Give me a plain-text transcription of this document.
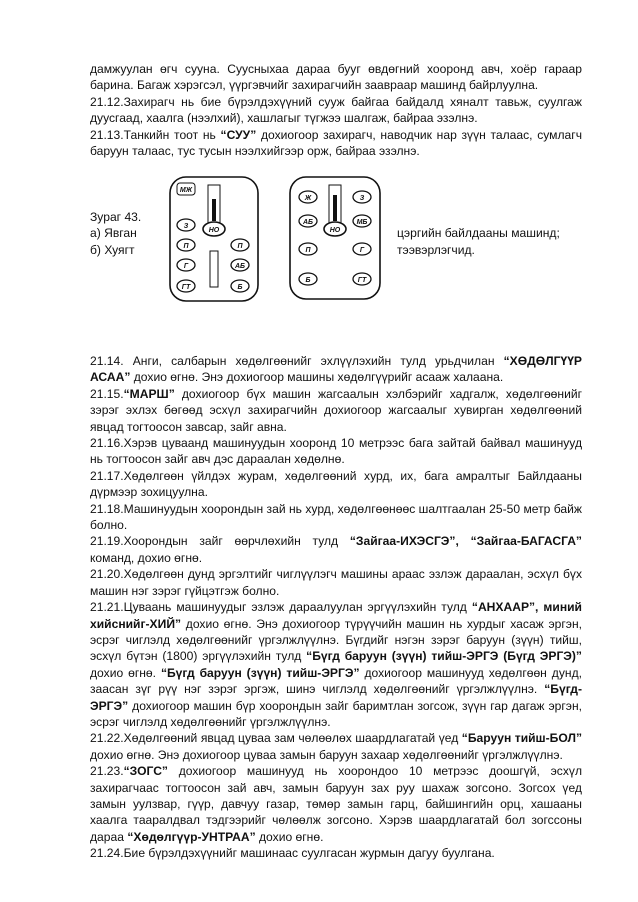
дамжуулан өгч сууна. Суусныхаа дараа бууг өвдөгний хооронд авч, хоёр гараар барина. Багаж хэрэгсэл, үүргэвчийг захирагчийн зааврааp машинд байрлуулна.

21.12.Захирагч нь бие бүрэлдэхүүний сууж байгаа байдалд хяналт тавьж, суулгаж дуусгаад, хаалга (нээлхий), хашлагыг түгжээ шалгаж, байраа эзэлнэ.

21.13.Танкийн тоот нь “СУУ” дохиогоор захирагч, наводчик нар зүүн талаас, сумлагч баруун талаас, тус тусын нээлхийгээр орж, байраа эзэлнэ.

Зураг 43.
а) Явган
б) Хуягт
цэргийн байлдааны машинд;
тээвэрлэгчид.
МЖ
НО
З
П	П
Г	АБ
ГТ	Б
Ж	З
НО
АБ	МБ
П	Г
Б	ГТ

21.14. Анги, салбарын хөдөлгөөнийг эхлүүлэхийн тулд урьдчилан “ХӨДӨЛГҮҮР АСАА” дохио өгнө. Энэ дохиогоор машины хөдөлгүүрийг асааж халаана.

21.15.“МАРШ” дохиогоор бүх машин жагсаалын хэлбэрийг хадгалж, хөдөлгөөнийг зэрэг эхлэх бөгөөд эсхүл захирагчийн дохиогоор жагсаалыг хувирган хөдөлгөөний явцад тогтоосон завсар, зайг авна.

21.16.Хэрэв цуваанд машинуудын хооронд 10 метрээс бага зайтай байвал машинууд нь тогтоосон зайг авч дэс дараалан хөдөлнө.

21.17.Хөдөлгөөн үйлдэх журам, хөдөлгөөний хурд, их, бага амралтыг Байлдааны дүрмээр зохицуулна.

21.18.Машинуудын хоорондын зай нь хурд, хөдөлгөөнөөс шалтгаалан 25-50 метр байж болно.

21.19.Хоорондын зайг өөрчлөхийн тулд “Зайгаа-ИХЭСГЭ”, “Зайгаа-БАГАСГА” команд, дохио өгнө.

21.20.Хөдөлгөөн дунд эргэлтийг чиглүүлэгч машины араас эзлэж дараалан, эсхүл бүх машин нэг зэрэг гүйцэтгэж болно.

21.21.Цуваань машинуудыг эзлэж дараалуулан эргүүлэхийн тулд “АНХААР”, миний хийснийг-ХИЙ” дохио өгнө. Энэ дохиогоор түрүүчийн машин нь хурдыг хасаж эргэн, эсрэг чиглэлд хөдөлгөөнийг үргэлжлүүлнэ. Бүгдийг нэгэн зэрэг баруун (зүүн) тийш, эсхүл бүтэн (1800) эргүүлэхийн тулд “Бүгд баруун (зүүн) тийш-ЭРГЭ (Бүгд ЭРГЭ)” дохио өгнө. “Бүгд баруун (зүүн) тийш-ЭРГЭ” дохиогоор машинууд хөдөлгөөн дунд, заасан зүг рүү нэг зэрэг эргэж, шинэ чиглэлд хөдөлгөөнийг үргэлжлүүлнэ. “Бүгд-ЭРГЭ” дохиогоор машин бүр хоорондын зайг баримтлан зогсож, зүүн гар дагаж эргэн, эсрэг чиглэлд хөдөлгөөнийг үргэлжлүүлнэ.

21.22.Хөдөлгөөний явцад цуваа зам чөлөөлөх шаардлагатай үед “Баруун тийш-БОЛ” дохио өгнө. Энэ дохиогоор цуваа замын баруун захаар хөдөлгөөнийг үргэлжлүүлнэ.

21.23.“ЗОГС” дохиогоор машинууд нь хоорондоо 10 метрээс доошгүй, эсхүл захирагчаас тогтоосон зай авч, замын баруун зах руу шахаж зогсоно. Зогсох үед замын уулзвар, гүүр, давчуу газар, төмөр замын гарц, байшингийн орц, хашааны хаалга тааралдвал тэдгээрийг чөлөөлж зогсоно. Хэрэв шаардлагатай бол зогссоны дараа “Хөдөлгүүр-УНТРАА” дохио өгнө.

21.24.Бие бүрэлдэхүүнийг машинаас суулгасан журмын дагуу буулгана.
